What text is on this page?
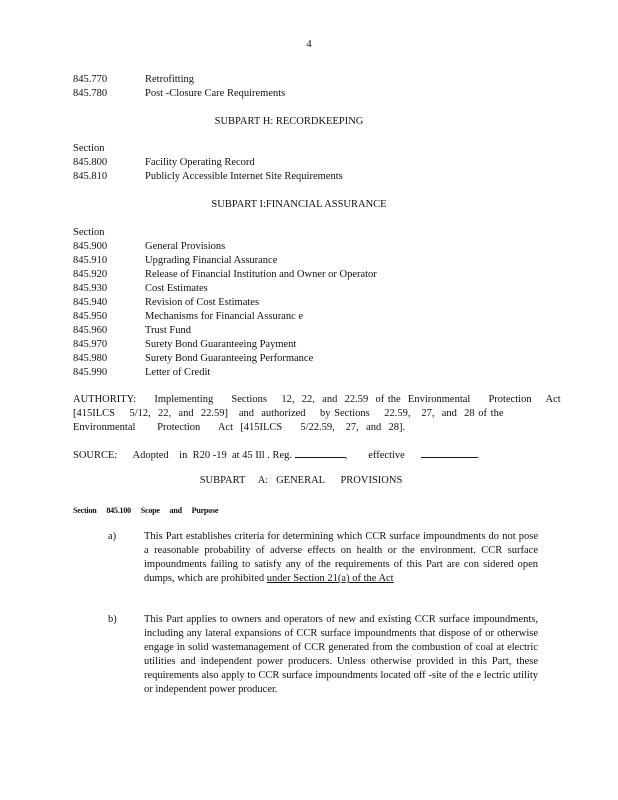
4
845.770	Retrofitting
845.780	Post -Closure Care Requirements
SUBPART H: RECORDKEEPING
Section
845.800	Facility Operating Record
845.810	Publicly Accessible Internet Site Requirements
SUBPART I:FINANCIAL ASSURANCE
Section
845.900	General Provisions
845.910	Upgrading Financial Assurance
845.920	Release of Financial Institution and Owner or Operator
845.930	Cost Estimates
845.940	Revision of Cost Estimates
845.950	Mechanisms for Financial Assuranc e
845.960	Trust Fund
845.970	Surety Bond Guaranteeing Payment
845.980	Surety Bond Guaranteeing Performance
845.990	Letter of Credit
AUTHORITY:     Implementing     Sections    12,  22,  and  22.59  of the  Environmental     Protection    Act
[415ILCS    5/12,  22,  and  22.59]   and  authorized    by Sections    22.59,   27,  and  28 of the
Environmental      Protection     Act  [415ILCS     5/22.59,   27,  and  28].
SOURCE:      Adopted    in  R20 -19  at 45 Ill . Reg.	,        effective	.
SUBPART     A:   GENERAL      PROVISIONS
Section 845.100 Scope and Purpose
a)	This Part establishes criteria for determining which CCR surface impoundments do not pose a reasonable probability of adverse effects on health or the environment. CCR surface impoundments failing to satisfy any of the requirements of this Part are con sidered open dumps, which are prohibited under Section 21(a) of the Act
b)	This Part applies to owners and operators of new and existing CCR surface impoundments, including any lateral expansions of CCR surface impoundments that dispose of or otherwise engage in solid wastemanagement of CCR generated from the combustion of coal at electric utilities and independent power producers. Unless otherwise provided in this Part, these requirements also apply to CCR surface impoundments located off -site of the e lectric utility or independent power producer.
